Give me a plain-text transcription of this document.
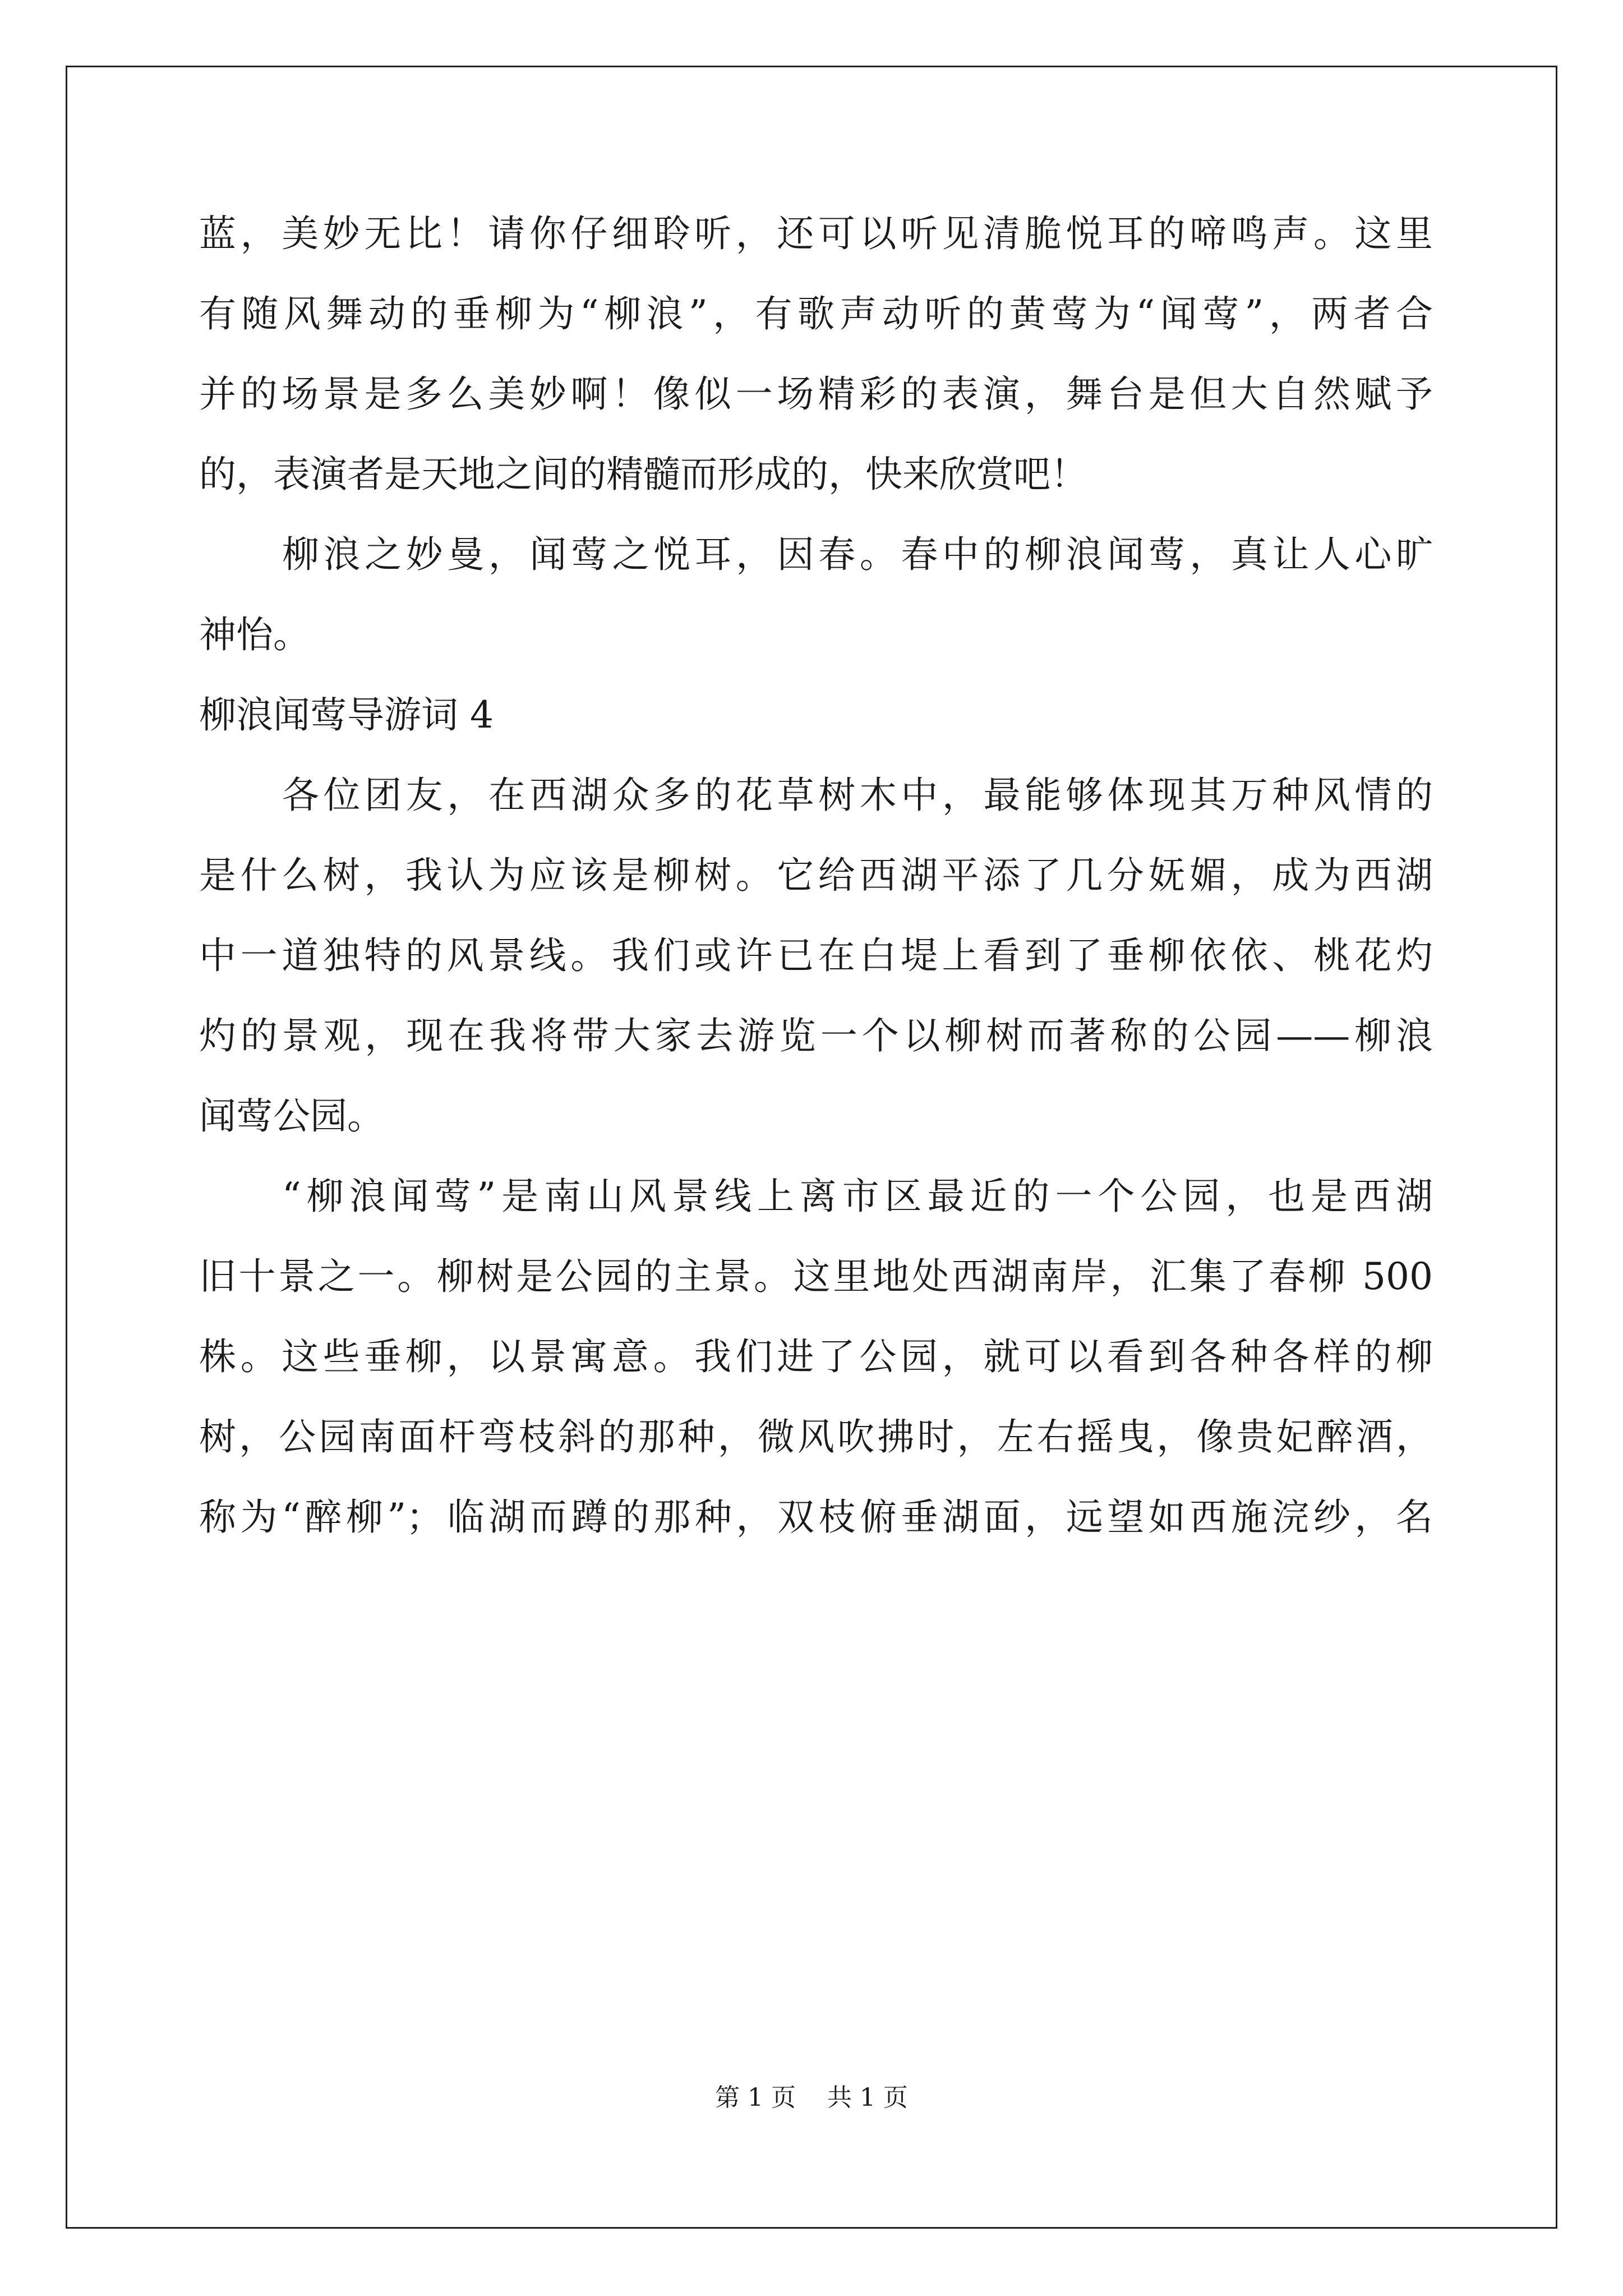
蓝，美妙无比！请你仔细聆听，还可以听见清脆悦耳的啼鸣声。这里
有随风舞动的垂柳为“柳浪”，有歌声动听的黄莺为“闻莺”，两者合
并的场景是多么美妙啊！像似一场精彩的表演，舞台是但大自然赋予
的，表演者是天地之间的精髓而形成的，快来欣赏吧！
柳浪之妙曼，闻莺之悦耳，因春。春中的柳浪闻莺，真让人心旷
神怡。
柳浪闻莺导游词 4
各位团友，在西湖众多的花草树木中，最能够体现其万种风情的
是什么树，我认为应该是柳树。它给西湖平添了几分妩媚，成为西湖
中一道独特的风景线。我们或许已在白堤上看到了垂柳依依、桃花灼
灼的景观，现在我将带大家去游览一个以柳树而著称的公园——柳浪
闻莺公园。
“柳浪闻莺”是南山风景线上离市区最近的一个公园，也是西湖
旧十景之一。柳树是公园的主景。这里地处西湖南岸，汇集了春柳 500
株。这些垂柳，以景寓意。我们进了公园，就可以看到各种各样的柳
树，公园南面杆弯枝斜的那种，微风吹拂时，左右摇曳，像贵妃醉酒，
称为“醉柳”；临湖而蹲的那种，双枝俯垂湖面，远望如西施浣纱，名
第 1 页    共 1 页
